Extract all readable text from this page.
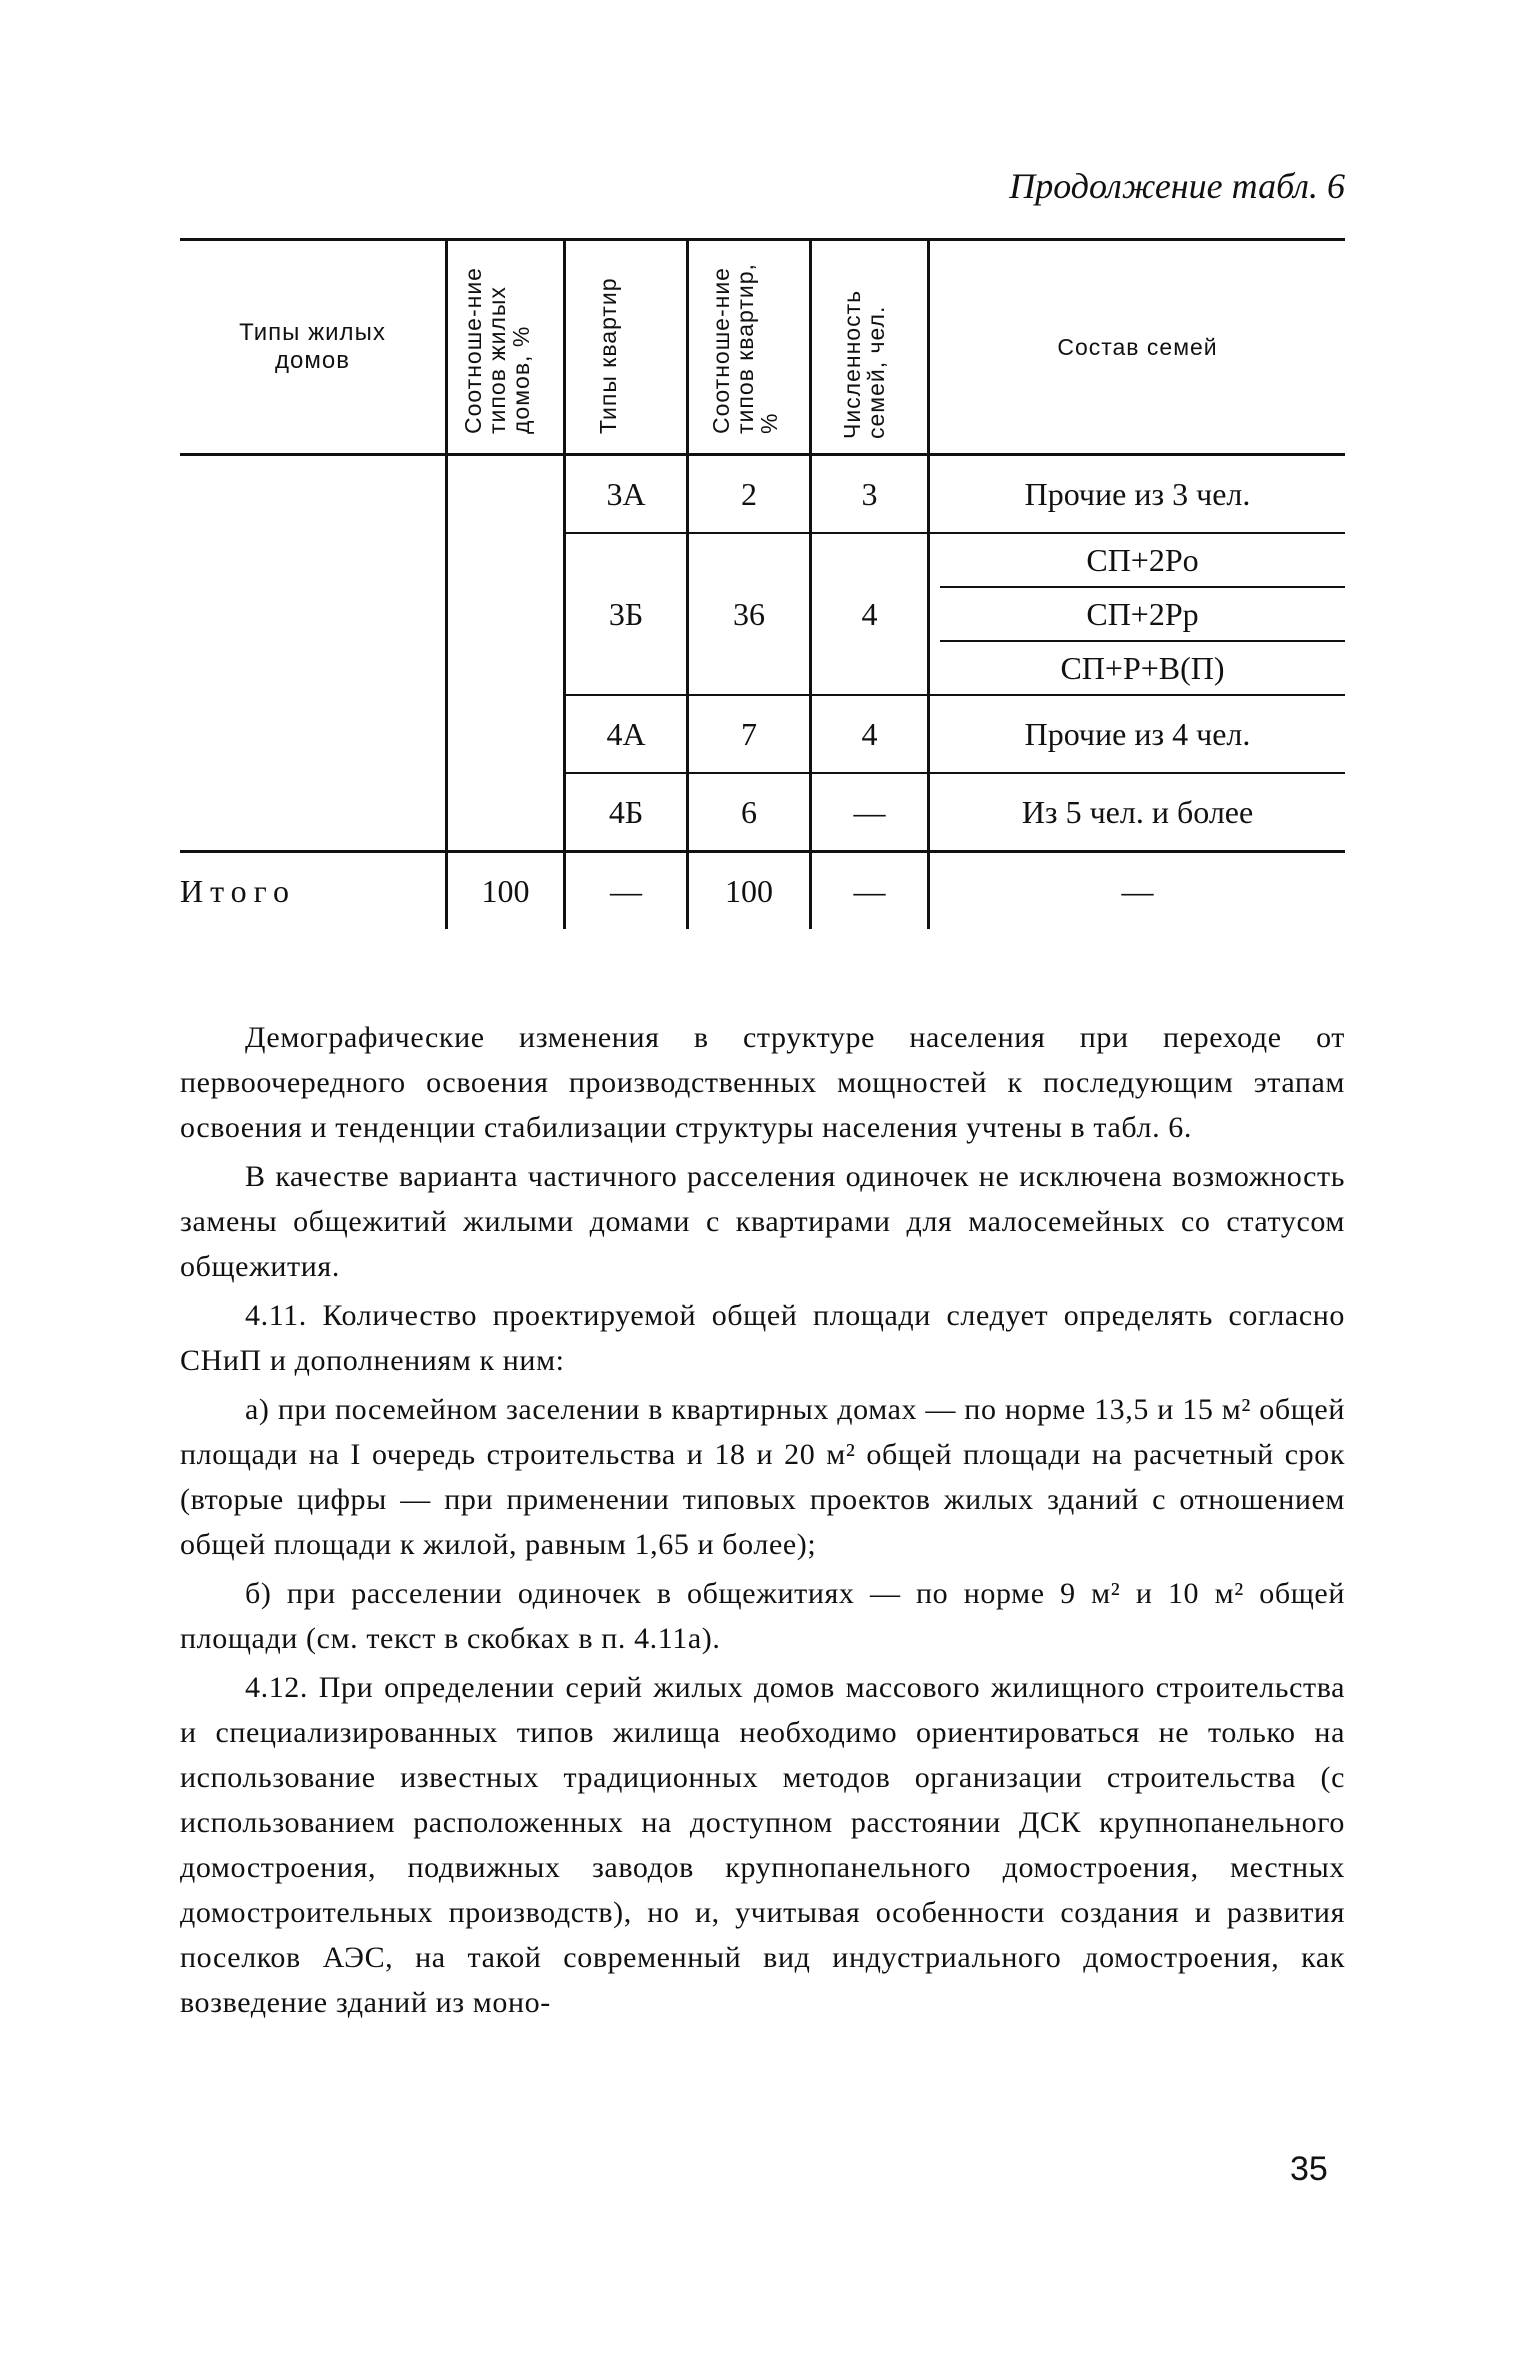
Продолжение табл. 6
Типы жилых домов	Соотноше-ние типов жилых домов, %	Типы квартир	Соотноше-ние типов квартир, %	Численность семей, чел.	Состав семей
		3А	2	3	Прочие из 3 чел.
		3Б	36	4	СП+2Pо
СП+2Pр
СП+Р+В(П)

		4А	7	4	Прочие из 4 чел.
		4Б	6	—	Из 5 чел. и более
Итого	100	—	100	—	—

Демографические изменения в структуре населения при переходе от первоочередного освоения производственных мощностей к последующим этапам освоения и тенденции стабилизации структуры населения учтены в табл. 6.

В качестве варианта частичного расселения одиночек не исключена возможность замены общежитий жилыми домами с квартирами для малосемейных со статусом общежития.

4.11. Количество проектируемой общей площади следует определять согласно СНиП и дополнениям к ним:

а) при посемейном заселении в квартирных домах — по норме 13,5 и 15 м² общей площади на I очередь строительства и 18 и 20 м² общей площади на расчетный срок (вторые цифры — при применении типовых проектов жилых зданий с отношением общей площади к жилой, равным 1,65 и более);

б) при расселении одиночек в общежитиях — по норме 9 м² и 10 м² общей площади (см. текст в скобках в п. 4.11а).

4.12. При определении серий жилых домов массового жилищного строительства и специализированных типов жилища необходимо ориентироваться не только на использование известных традиционных методов организации строительства (с использованием расположенных на доступном расстоянии ДСК крупнопанельного домостроения, подвижных заводов крупнопанельного домостроения, местных домостроительных производств), но и, учитывая особенности создания и развития поселков АЭС, на такой современный вид индустриального домостроения, как возведение зданий из моно-

35
